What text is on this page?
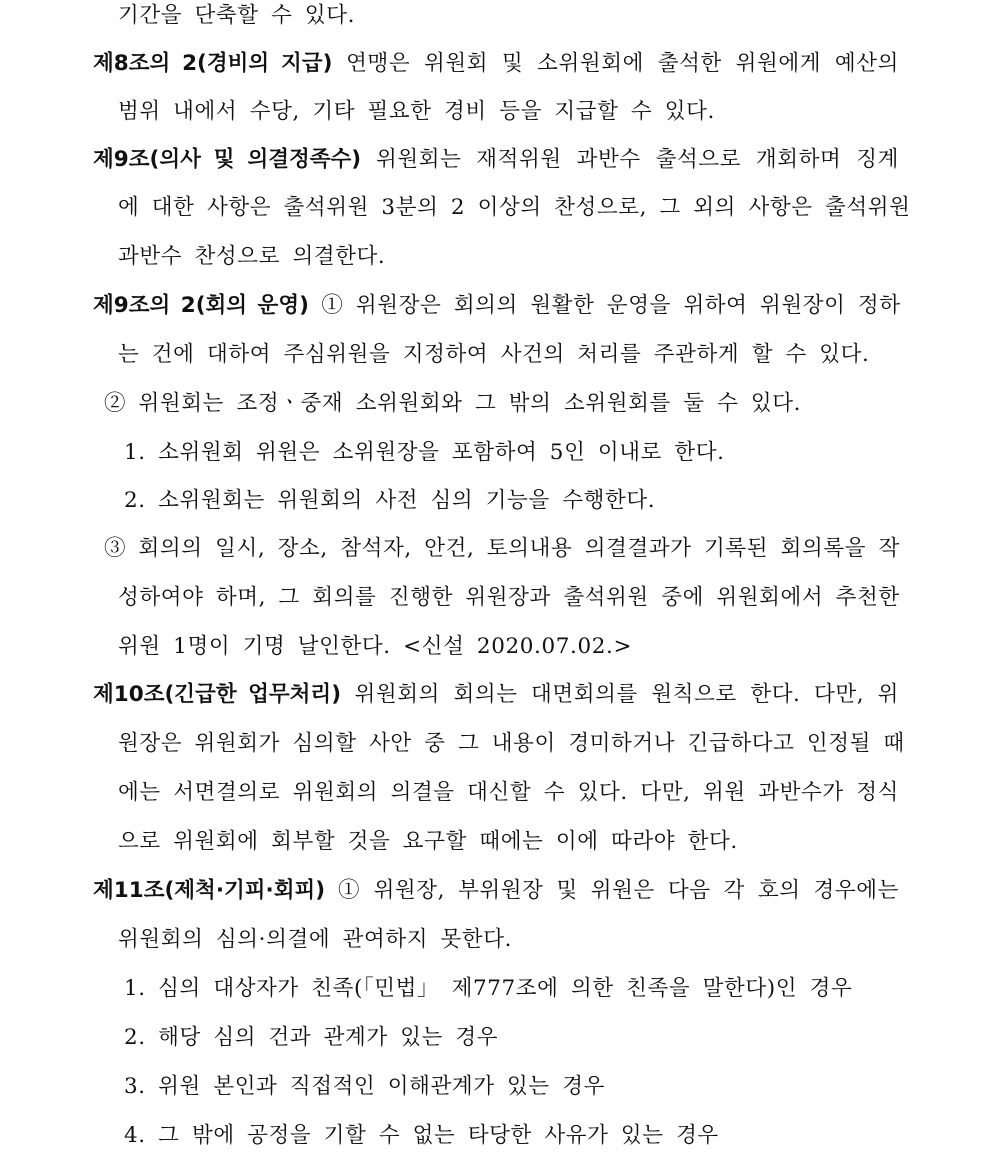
기간을 단축할 수 있다.
제8조의 2(경비의 지급) 연맹은 위원회 및 소위원회에 출석한 위원에게 예산의
범위 내에서 수당, 기타 필요한 경비 등을 지급할 수 있다.
제9조(의사 및 의결정족수) 위원회는 재적위원 과반수 출석으로 개회하며 징계
에 대한 사항은 출석위원 3분의 2 이상의 찬성으로, 그 외의 사항은 출석위원
과반수 찬성으로 의결한다.
제9조의 2(회의 운영) ① 위원장은 회의의 원활한 운영을 위하여 위원장이 정하
는 건에 대하여 주심위원을 지정하여 사건의 처리를 주관하게 할 수 있다.
② 위원회는 조정ㆍ중재 소위원회와 그 밖의 소위원회를 둘 수 있다.
1. 소위원회 위원은 소위원장을 포함하여 5인 이내로 한다.
2. 소위원회는 위원회의 사전 심의 기능을 수행한다.
③ 회의의 일시, 장소, 참석자, 안건, 토의내용 의결결과가 기록된 회의록을 작
성하여야 하며, 그 회의를 진행한 위원장과 출석위원 중에 위원회에서 추천한
위원 1명이 기명 날인한다. <신설 2020.07.02.>
제10조(긴급한 업무처리) 위원회의 회의는 대면회의를 원칙으로 한다. 다만, 위
원장은 위원회가 심의할 사안 중 그 내용이 경미하거나 긴급하다고 인정될 때
에는 서면결의로 위원회의 의결을 대신할 수 있다. 다만, 위원 과반수가 정식
으로 위원회에 회부할 것을 요구할 때에는 이에 따라야 한다.
제11조(제척·기피·회피) ① 위원장, 부위원장 및 위원은 다음 각 호의 경우에는
위원회의 심의·의결에 관여하지 못한다.
1. 심의 대상자가 친족(「민법」 제777조에 의한 친족을 말한다)인 경우
2. 해당 심의 건과 관계가 있는 경우
3. 위원 본인과 직접적인 이해관계가 있는 경우
4. 그 밖에 공정을 기할 수 없는 타당한 사유가 있는 경우
